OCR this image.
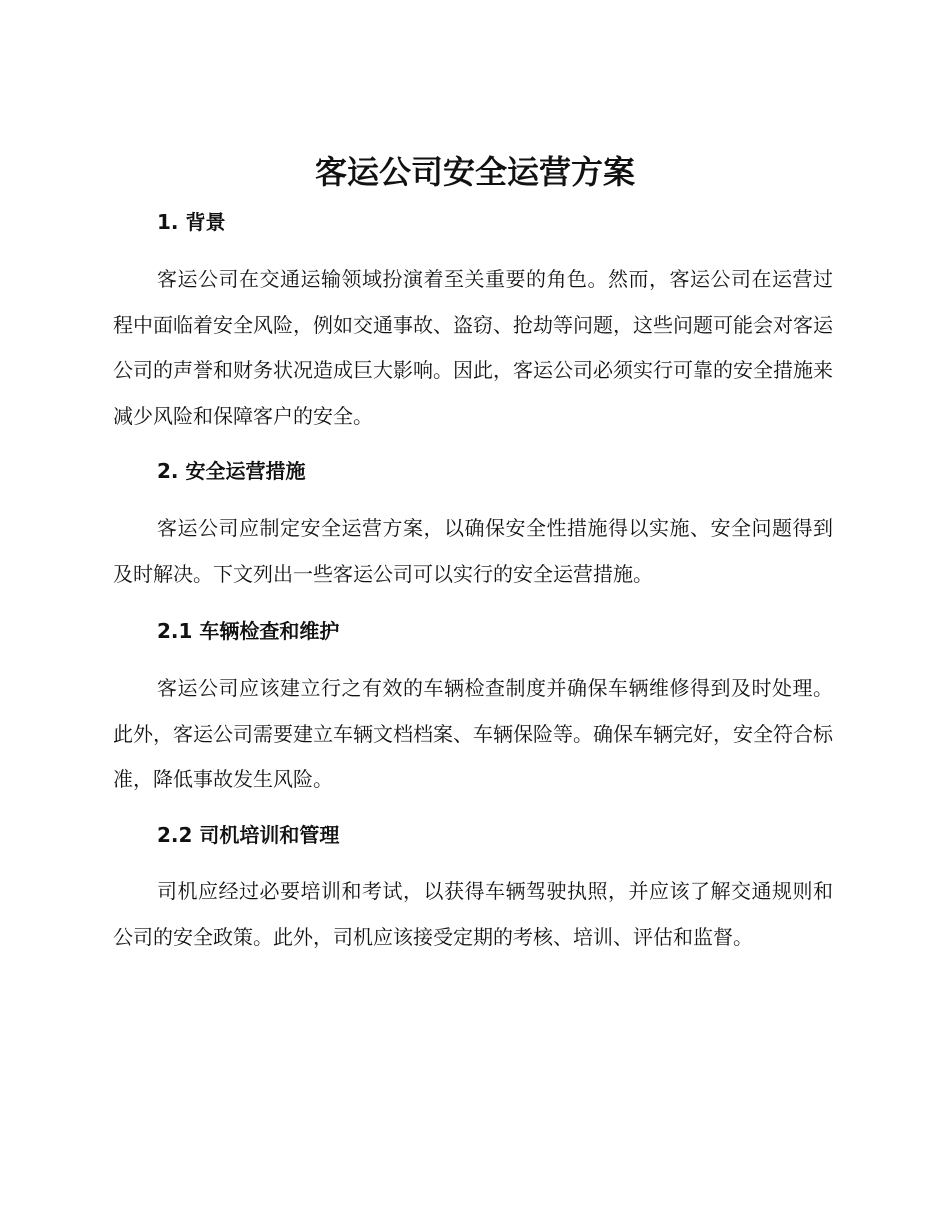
客运公司安全运营方案
1. 背景

客运公司在交通运输领域扮演着至关重要的角色。然而，客运公司在运营过程中面临着安全风险，例如交通事故、盗窃、抢劫等问题，这些问题可能会对客运公司的声誉和财务状况造成巨大影响。因此，客运公司必须实行可靠的安全措施来减少风险和保障客户的安全。

2. 安全运营措施

客运公司应制定安全运营方案，以确保安全性措施得以实施、安全问题得到及时解决。下文列出一些客运公司可以实行的安全运营措施。

2.1 车辆检查和维护

客运公司应该建立行之有效的车辆检查制度并确保车辆维修得到及时处理。此外，客运公司需要建立车辆文档档案、车辆保险等。确保车辆完好，安全符合标准，降低事故发生风险。

2.2 司机培训和管理

司机应经过必要培训和考试，以获得车辆驾驶执照，并应该了解交通规则和公司的安全政策。此外，司机应该接受定期的考核、培训、评估和监督。
